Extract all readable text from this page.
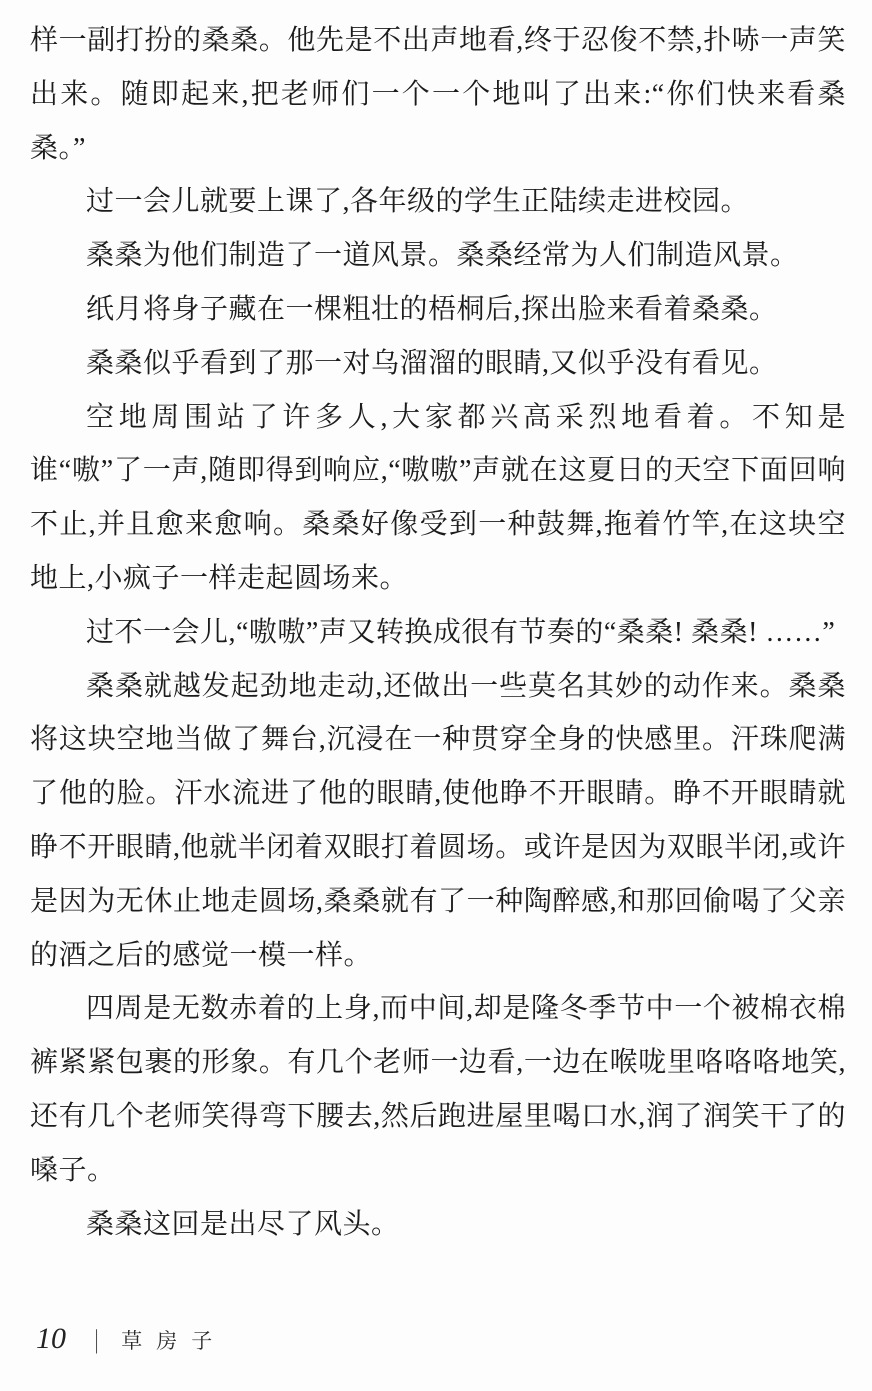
样一副打扮的桑桑。他先是不出声地看,终于忍俊不禁,扑哧一声笑出来。随即起来,把老师们一个一个地叫了出来:“你们快来看桑桑。”

过一会儿就要上课了,各年级的学生正陆续走进校园。

桑桑为他们制造了一道风景。桑桑经常为人们制造风景。

纸月将身子藏在一棵粗壮的梧桐后,探出脸来看着桑桑。

桑桑似乎看到了那一对乌溜溜的眼睛,又似乎没有看见。

空地周围站了许多人,大家都兴高采烈地看着。不知是谁“嗷”了一声,随即得到响应,“嗷嗷”声就在这夏日的天空下面回响不止,并且愈来愈响。桑桑好像受到一种鼓舞,拖着竹竿,在这块空地上,小疯子一样走起圆场来。

过不一会儿,“嗷嗷”声又转换成很有节奏的“桑桑! 桑桑! ……”

桑桑就越发起劲地走动,还做出一些莫名其妙的动作来。桑桑将这块空地当做了舞台,沉浸在一种贯穿全身的快感里。汗珠爬满了他的脸。汗水流进了他的眼睛,使他睁不开眼睛。睁不开眼睛就睁不开眼睛,他就半闭着双眼打着圆场。或许是因为双眼半闭,或许是因为无休止地走圆场,桑桑就有了一种陶醉感,和那回偷喝了父亲的酒之后的感觉一模一样。

四周是无数赤着的上身,而中间,却是隆冬季节中一个被棉衣棉裤紧紧包裹的形象。有几个老师一边看,一边在喉咙里咯咯咯地笑,还有几个老师笑得弯下腰去,然后跑进屋里喝口水,润了润笑干了的嗓子。

桑桑这回是出尽了风头。

10 | 草房子
